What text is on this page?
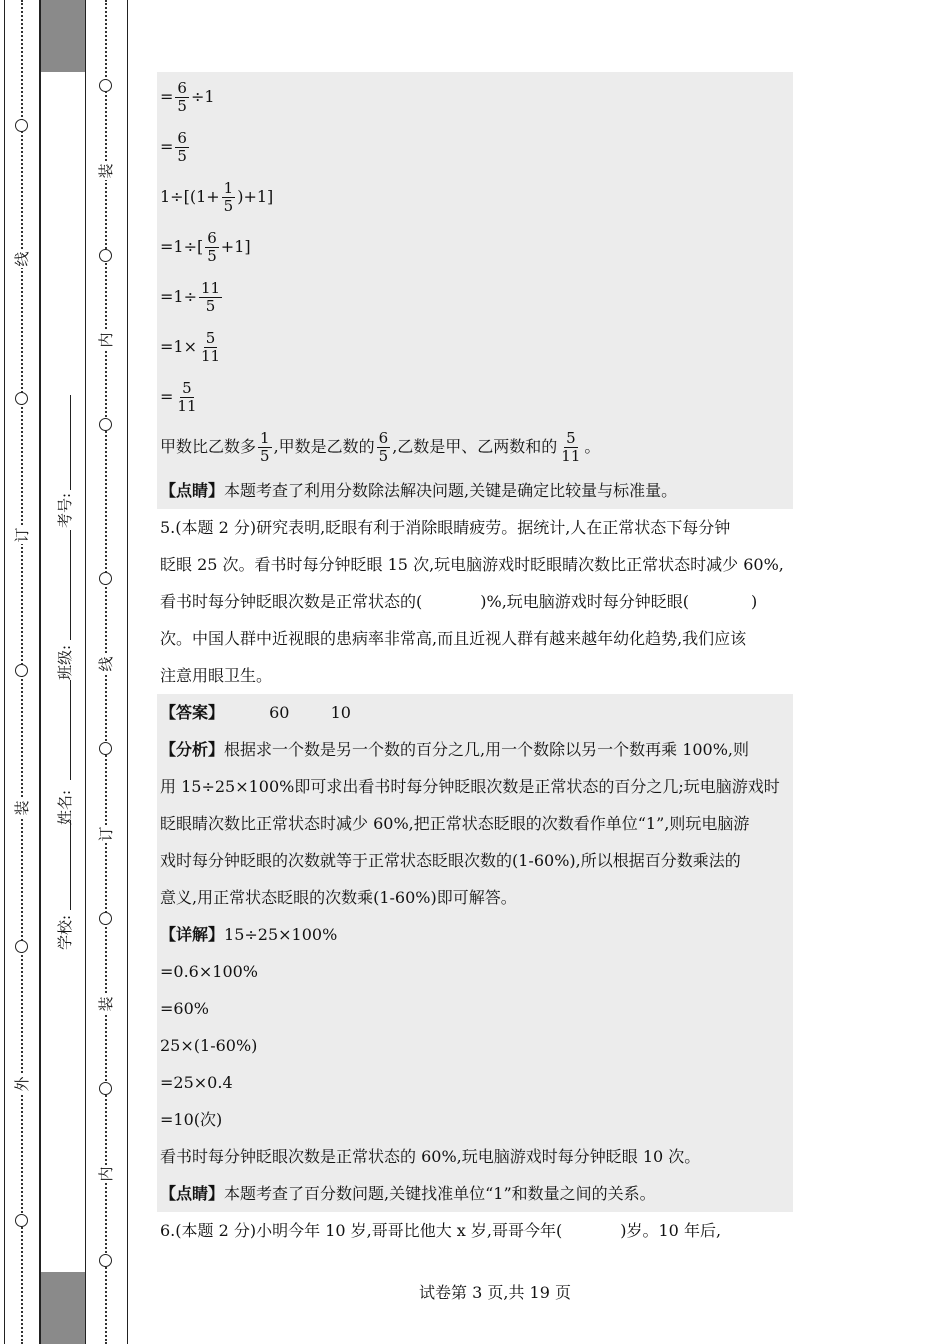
线
订
装
外
装
内
线
订
装
内
学校:
姓名:
班级:
考号:
= $\frac{6}{5} \div 1$
= $\frac{6}{5}$
$1\div[(1+ \frac{1}{5} )+1]$
$=1\div[ \frac{6}{5} +1]$
$=1\div \frac{11}{5}$
$=1\times \frac{5}{11}$
= $\frac{5}{11}$
甲数比乙数多 $\frac{1}{5}$ ,甲数是乙数的 $\frac{6}{5}$ ,乙数是甲、乙两数和的 $\frac{5}{11}$ 。
【点睛】本题考查了利用分数除法解决问题,关键是确定比较量与标准量。
5.(本题 2 分)研究表明,眨眼有利于消除眼睛疲劳。据统计,人在正常状态下每分钟
眨眼 25 次。看书时每分钟眨眼 15 次,玩电脑游戏时眨眼睛次数比正常状态时减少 60%,
看书时每分钟眨眼次数是正常状态的(	)%,玩电脑游戏时每分钟眨眼(	)
次。中国人群中近视眼的患病率非常高,而且近视人群有越来越年幼化趋势,我们应该
注意用眼卫生。
【答案】	60	10
【分析】根据求一个数是另一个数的百分之几,用一个数除以另一个数再乘 100%,则
用 15÷25×100%即可求出看书时每分钟眨眼次数是正常状态的百分之几;玩电脑游戏时
眨眼睛次数比正常状态时减少 60%,把正常状态眨眼的次数看作单位“1”,则玩电脑游
戏时每分钟眨眼的次数就等于正常状态眨眼次数的(1-60%),所以根据百分数乘法的
意义,用正常状态眨眼的次数乘(1-60%)即可解答。
【详解】15÷25×100%
=0.6×100%
=60%
25×(1-60%)
=25×0.4
=10(次)
看书时每分钟眨眼次数是正常状态的 60%,玩电脑游戏时每分钟眨眼 10 次。
【点睛】本题考查了百分数问题,关键找准单位“1”和数量之间的关系。
6.(本题 2 分)小明今年 10 岁,哥哥比他大 x 岁,哥哥今年(	)岁。10 年后,
试卷第 3 页,共 19 页
